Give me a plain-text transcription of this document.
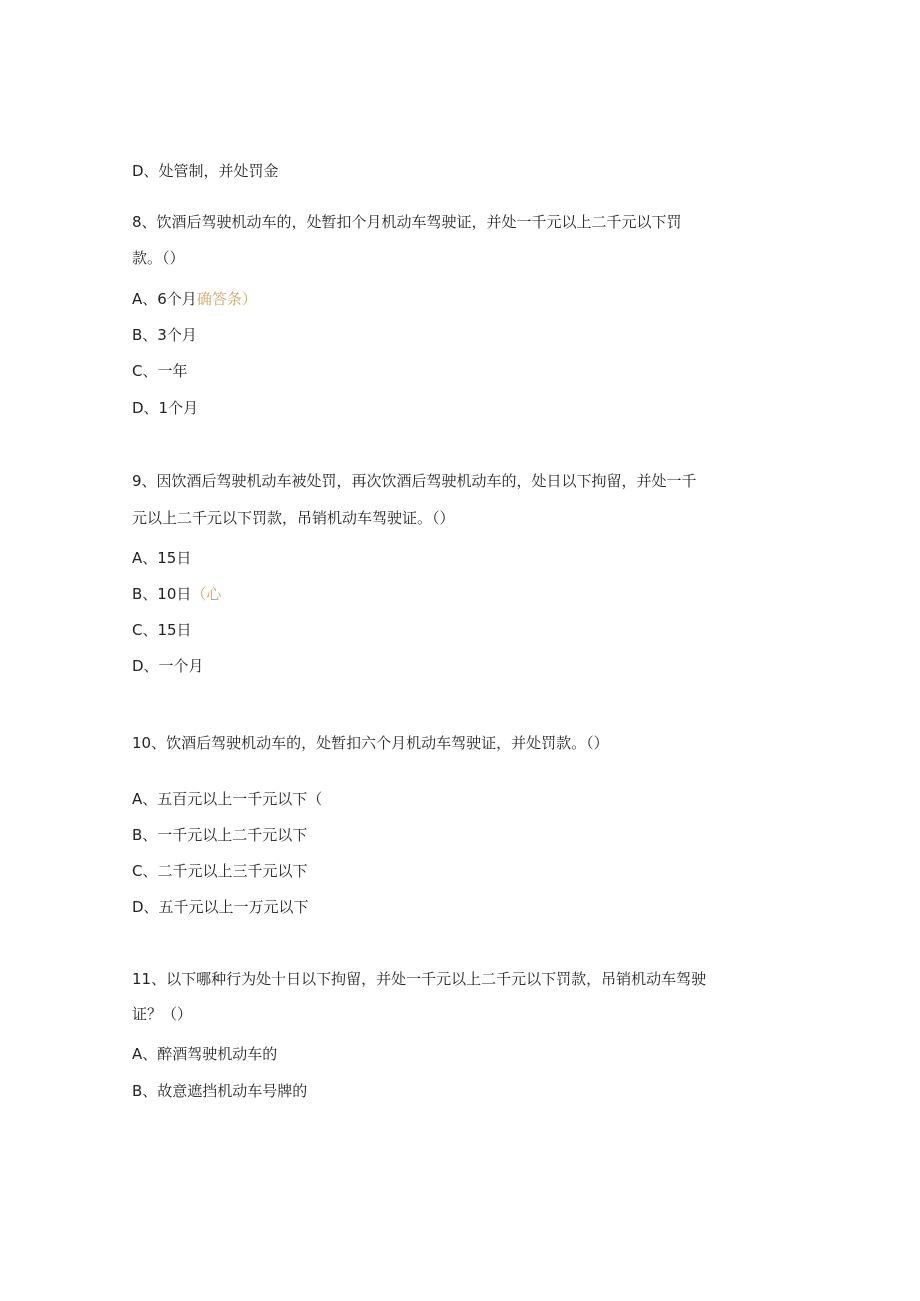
D、处管制，并处罚金
8、饮酒后驾驶机动车的，处暂扣个月机动车驾驶证，并处一千元以上二千元以下罚
款。（）
A、6个月确答条）
B、3个月
C、一年
D、1个月
9、因饮酒后驾驶机动车被处罚，再次饮酒后驾驶机动车的，处日以下拘留，并处一千
元以上二千元以下罚款，吊销机动车驾驶证。（）
A、15日
B、10日（心
C、15日
D、一个月
10、饮酒后驾驶机动车的，处暂扣六个月机动车驾驶证，并处罚款。（）
A、五百元以上一千元以下（
B、一千元以上二千元以下
C、二千元以上三千元以下
D、五千元以上一万元以下
11、以下哪种行为处十日以下拘留，并处一千元以上二千元以下罚款，吊销机动车驾驶
证？（）
A、醉酒驾驶机动车的
B、故意遮挡机动车号牌的
